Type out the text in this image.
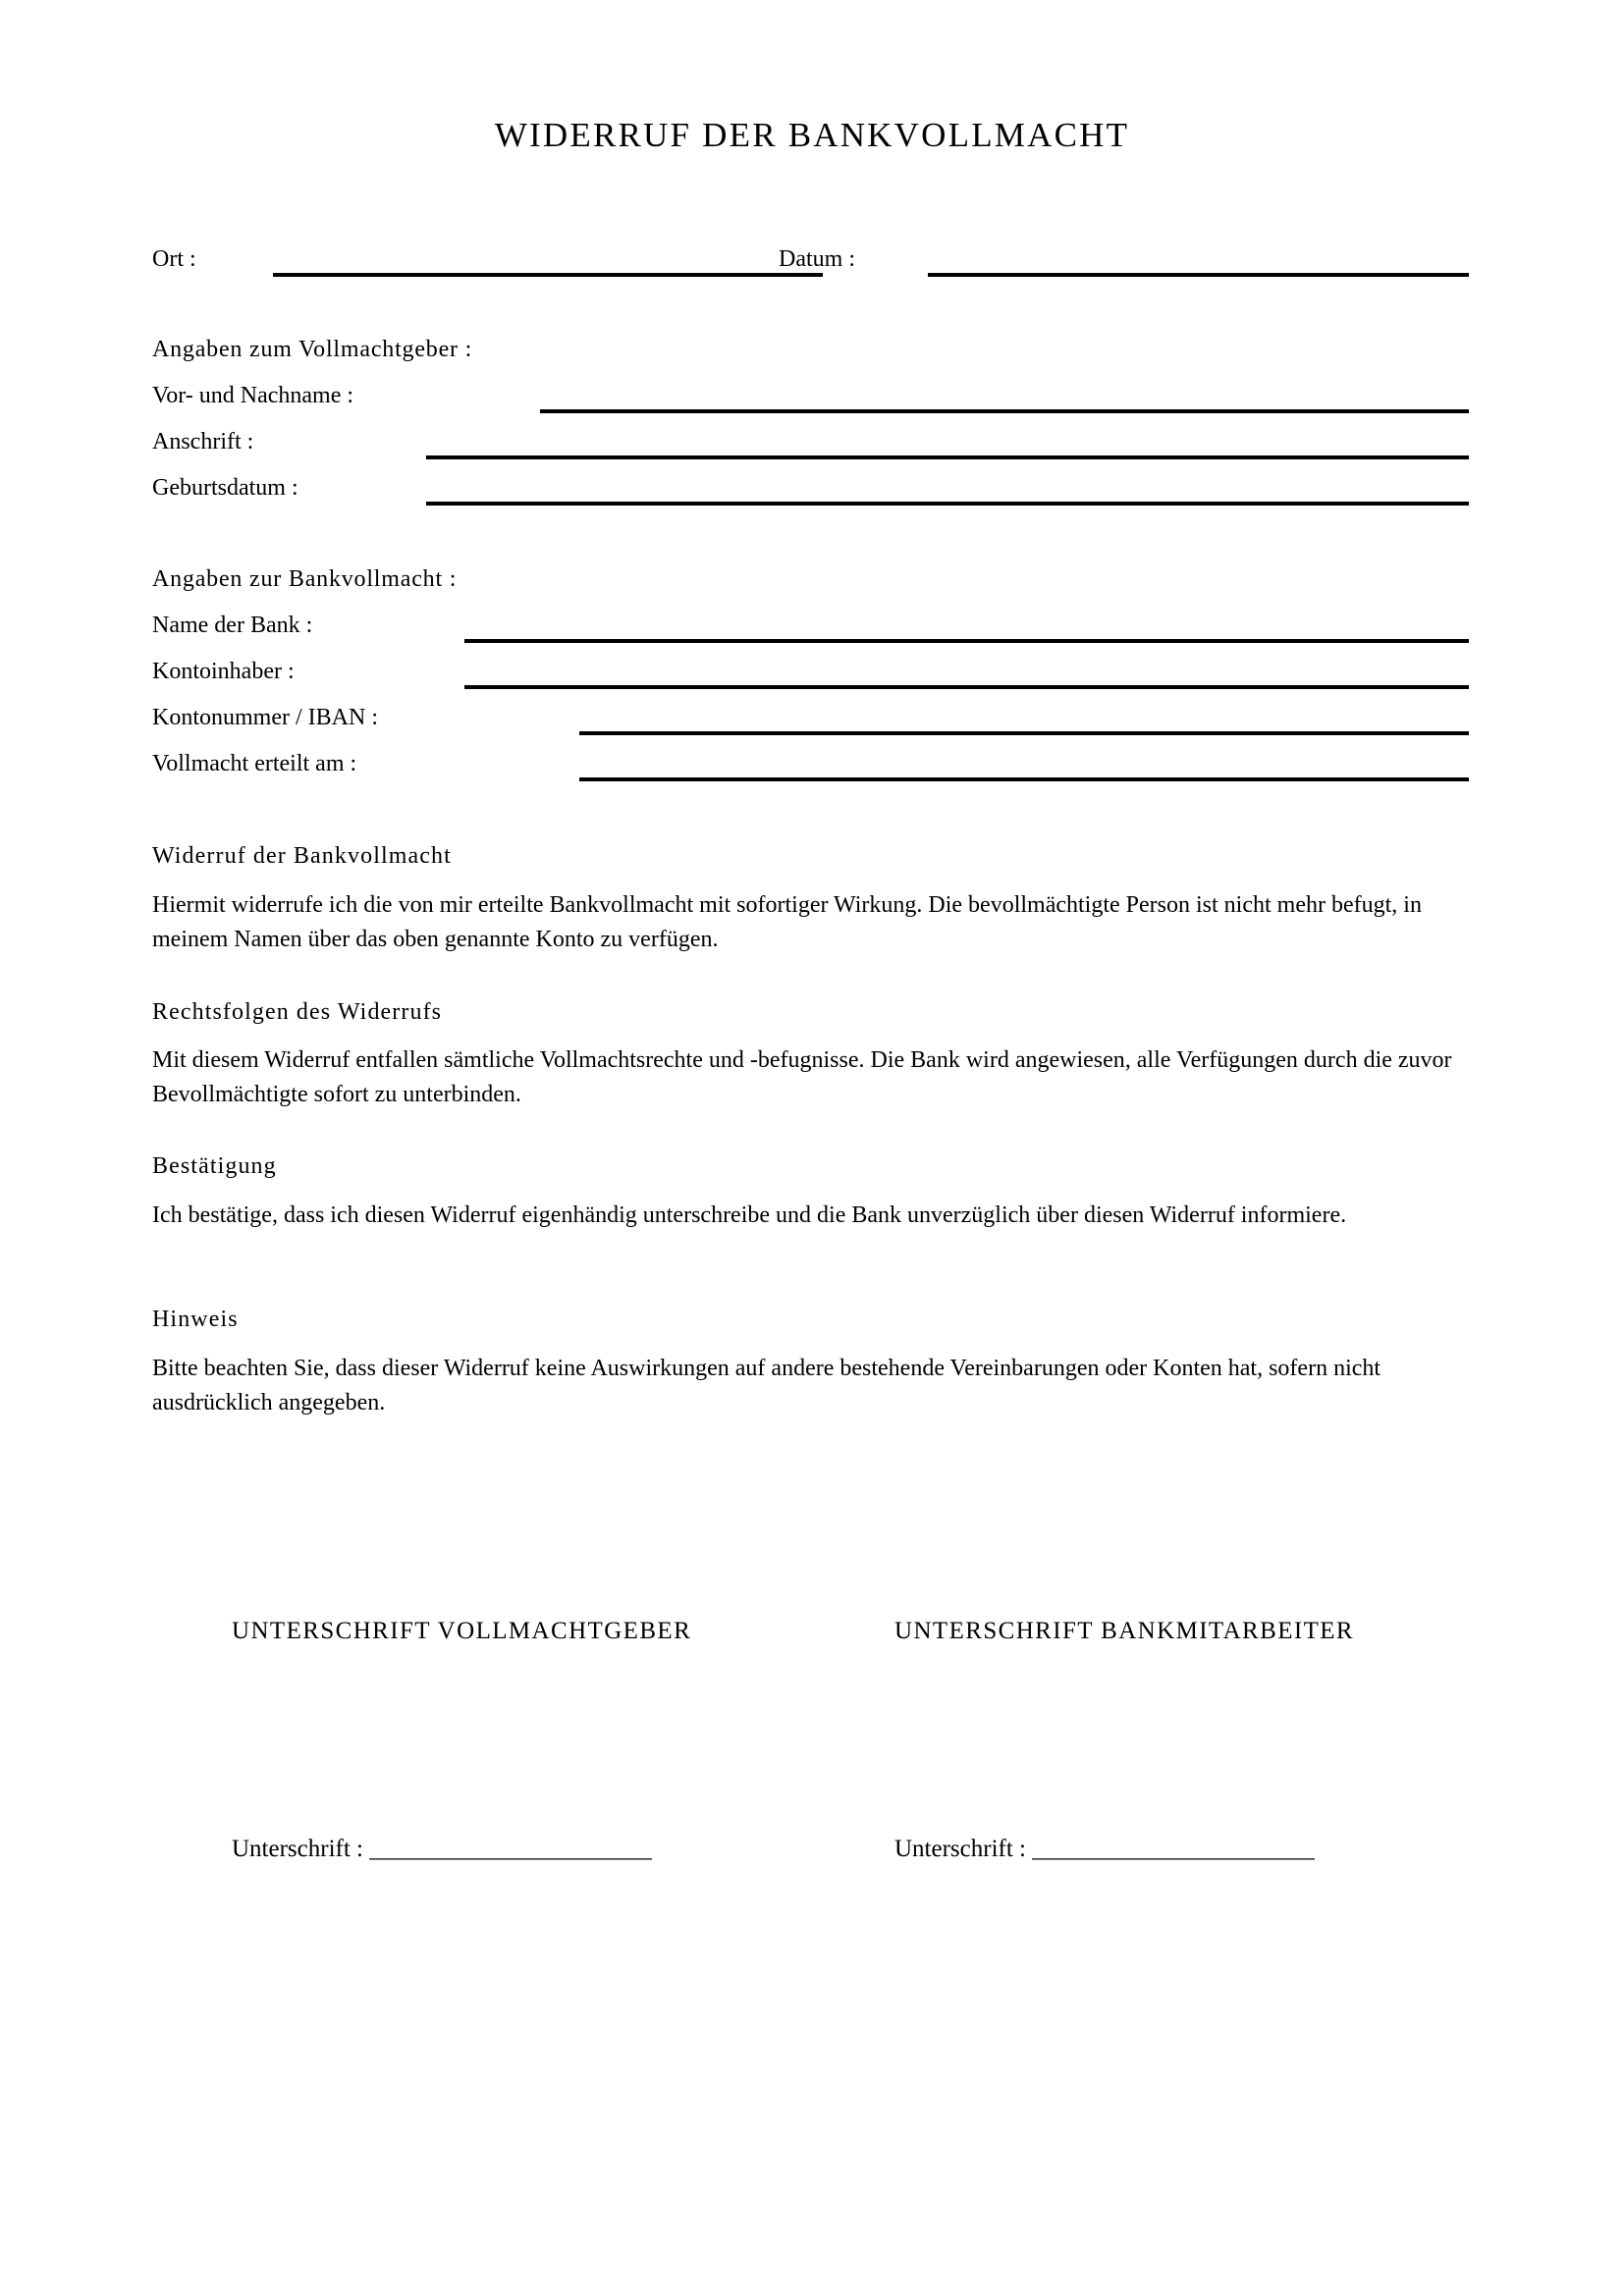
WIDERRUF DER BANKVOLLMACHT
Ort :	Datum :
Angaben zum Vollmachtgeber :
Vor- und Nachname :
Anschrift :
Geburtsdatum :
Angaben zur Bankvollmacht :
Name der Bank :
Kontoinhaber :
Kontonummer / IBAN :
Vollmacht erteilt am :
Widerruf der Bankvollmacht
Hiermit widerrufe ich die von mir erteilte Bankvollmacht mit sofortiger Wirkung. Die bevollmächtigte Person ist nicht mehr befugt, in meinem Namen über das oben genannte Konto zu verfügen.
Rechtsfolgen des Widerrufs
Mit diesem Widerruf entfallen sämtliche Vollmachtsrechte und -befugnisse. Die Bank wird angewiesen, alle Verfügungen durch die zuvor Bevollmächtigte sofort zu unterbinden.
Bestätigung
Ich bestätige, dass ich diesen Widerruf eigenhändig unterschreibe und die Bank unverzüglich über diesen Widerruf informiere.
Hinweis
Bitte beachten Sie, dass dieser Widerruf keine Auswirkungen auf andere bestehende Vereinbarungen oder Konten hat, sofern nicht ausdrücklich angegeben.
UNTERSCHRIFT VOLLMACHTGEBER	UNTERSCHRIFT BANKMITARBEITER
Unterschrift : _______________________	Unterschrift : _______________________
